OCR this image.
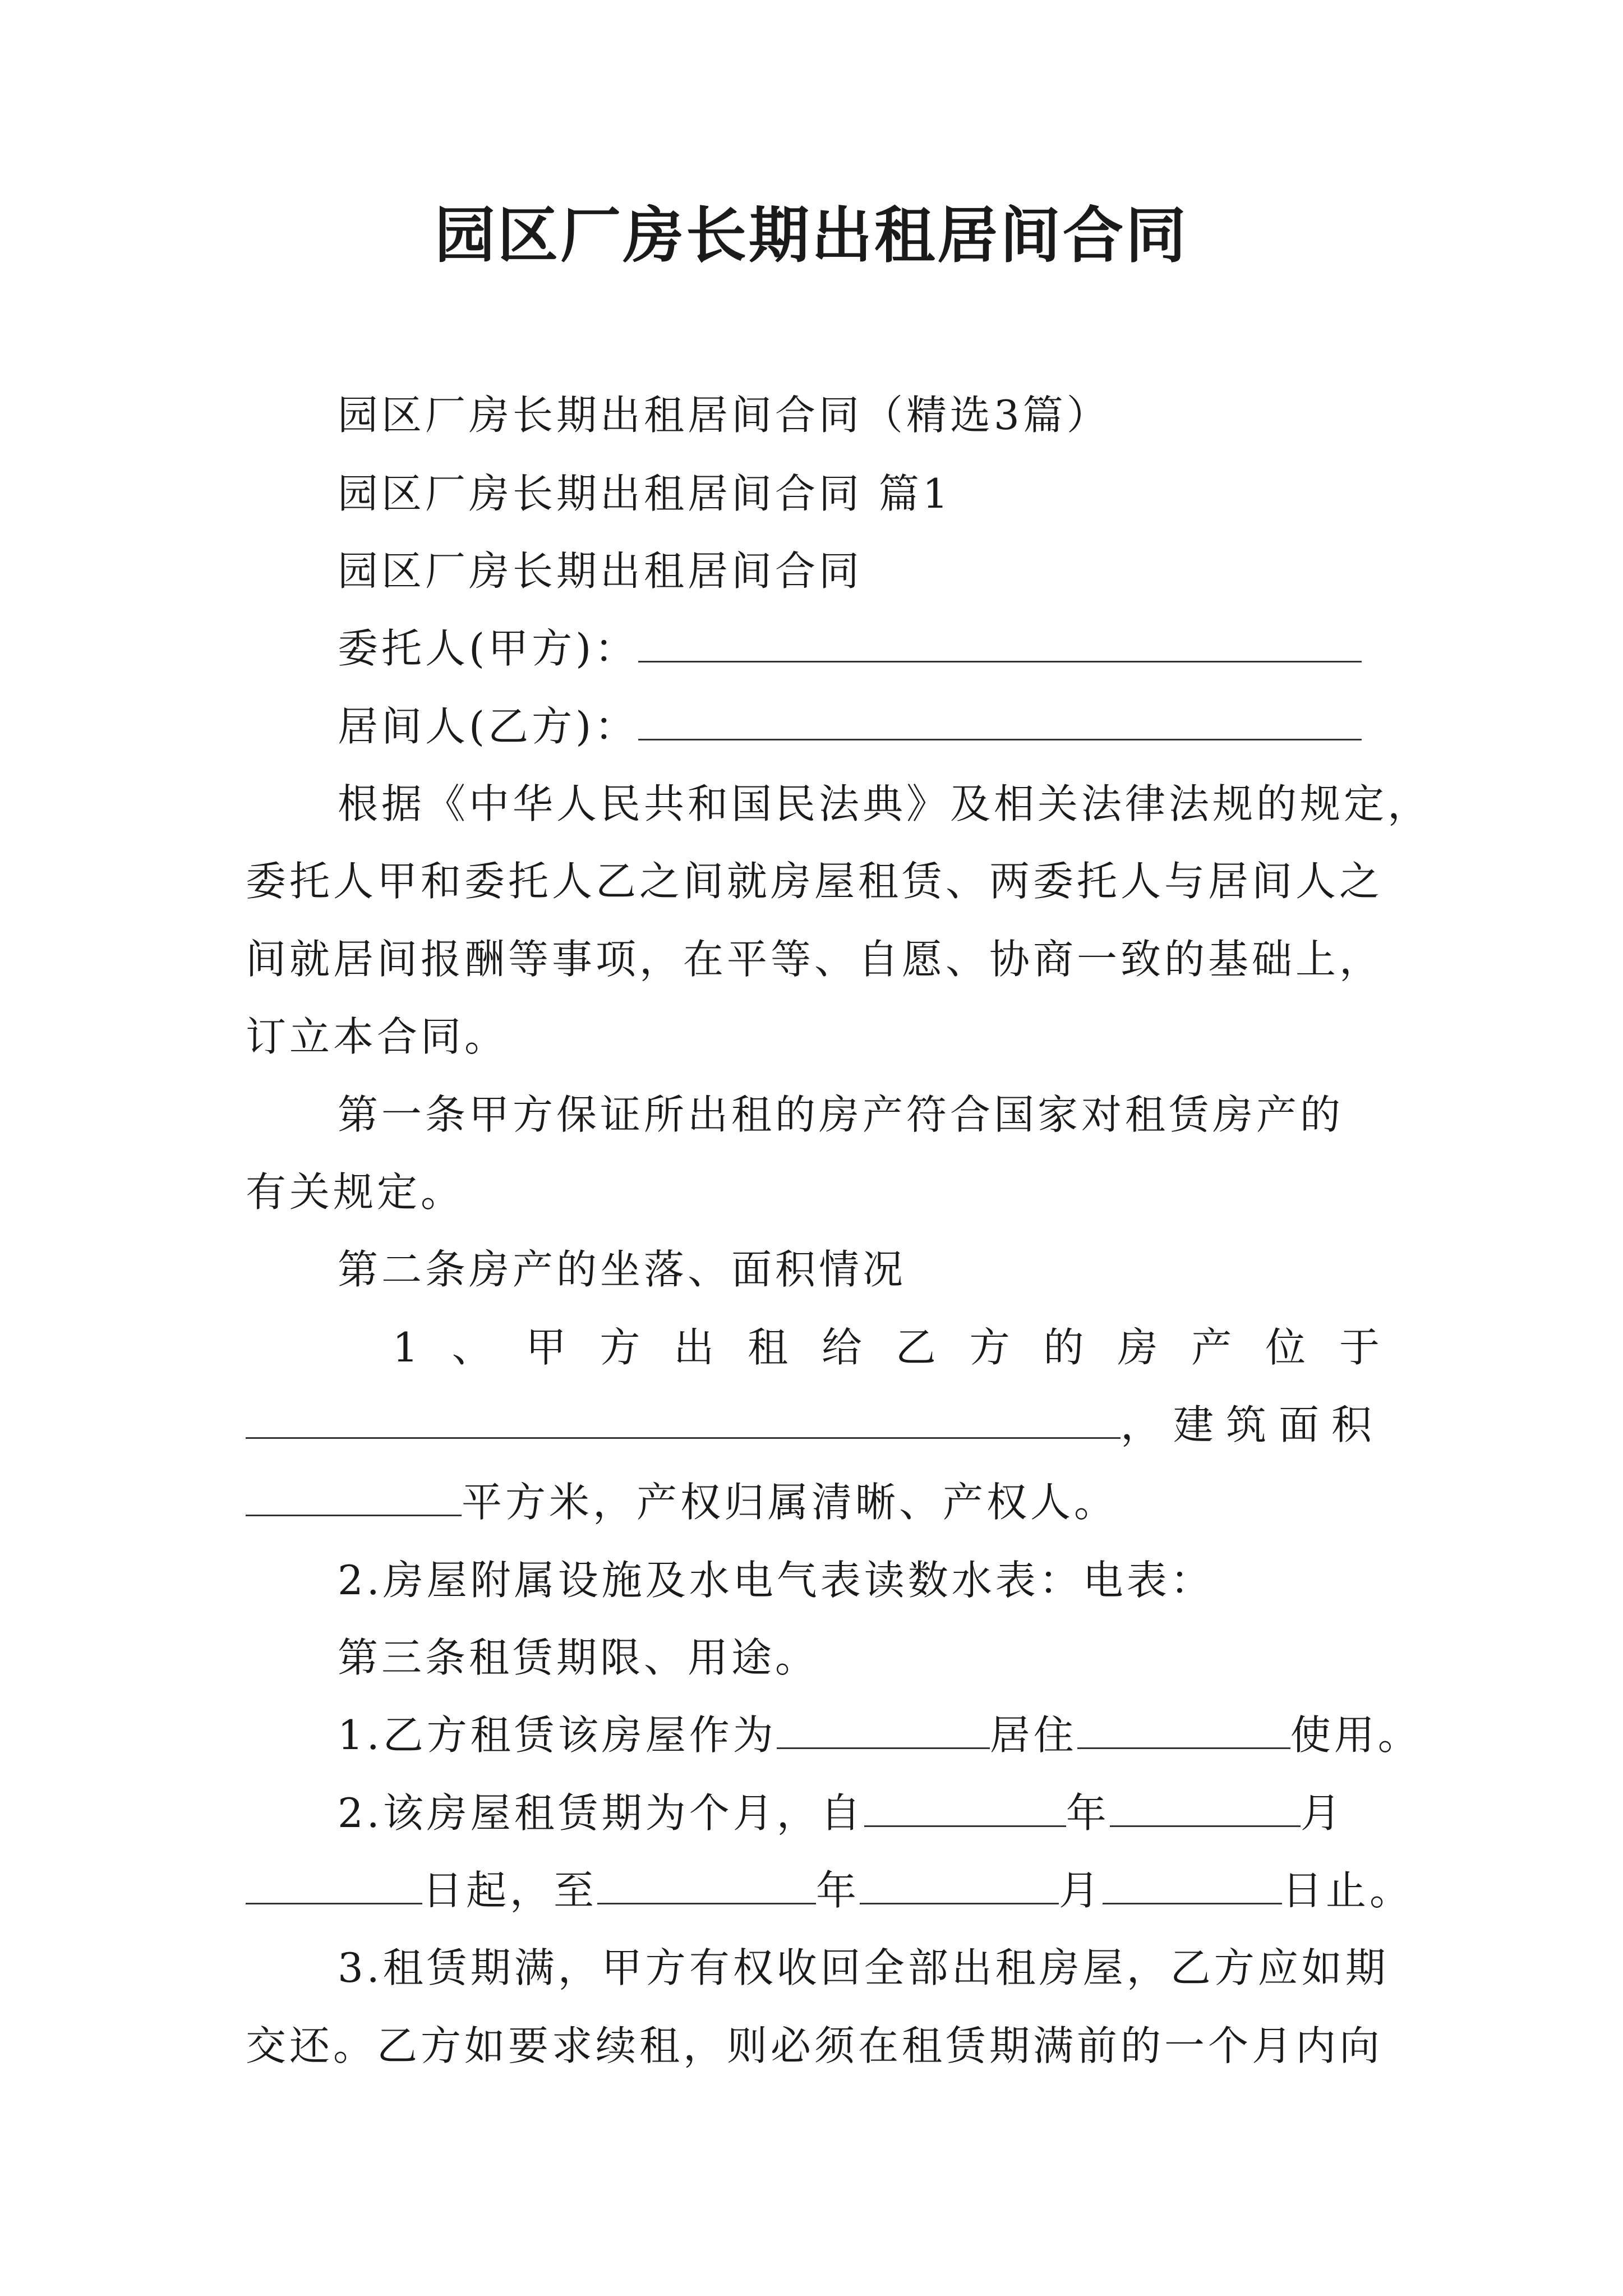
园区厂房长期出租居间合同
园区厂房长期出租居间合同（精选3篇）
园区厂房长期出租居间合同 篇1
园区厂房长期出租居间合同
委托人(甲方)：
居间人(乙方)：
根据《中华人民共和国民法典》及相关法律法规的规定，
委托人甲和委托人乙之间就房屋租赁、两委托人与居间人之
间就居间报酬等事项，在平等、自愿、协商一致的基础上，
订立本合同。
第一条甲方保证所出租的房产符合国家对租赁房产的
有关规定。
第二条房产的坐落、面积情况
1 、 甲 方 出 租 给 乙 方 的 房 产 位 于
，建筑面积
平方米，产权归属清晰、产权人。
2.房屋附属设施及水电气表读数水表：电表：
第三条租赁期限、用途。
1.乙方租赁该房屋作为	居住	使用。
2.该房屋租赁期为个月，自	年	月
日起，至	年	月	日止。
3.租赁期满，甲方有权收回全部出租房屋，乙方应如期
交还。乙方如要求续租，则必须在租赁期满前的一个月内向
